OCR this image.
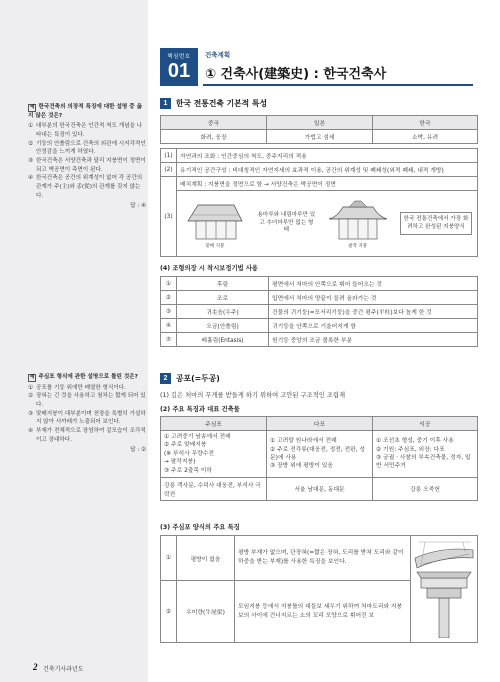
예 한국건축의 의장적 특징에 대한 설명 중 옳지 않은 것은?
① 대부분의 한국건축은 인간적 척도 개념을 나타내는 특징이 있다.
② 기둥의 안쏠림으로 건축의 외관에 시지각적인 안정감을 느끼게 하였다.
③ 한국건축은 서양건축과 달리 지붕면이 정면이 되고 벽공면이 측면이 된다.
④ 한국건축은 공간의 위계성이 없어 각 공간의 관계가 주(主)와 종(從)의 관계를 갖지 않는다.
답 : ④
예 주심포 형식에 관한 설명으로 틀린 것은?
① 공포를 기둥 위에만 배열한 형식이다.
② 장혀는 긴 것을 사용하고 첨차는 짧게 되어 있다.
③ 맞배지붕이 대부분이며 천장을 특별히 가설하지 않아 서까래가 노출되어 보인다.
④ 부재가 전체적으로 장엄하여 겉모습이 조각적이고 장대하다.
답 : ②
핵심번호
01
건축계획
① 건축사(建築史) : 한국건축사
1	한국 전통건축 기본적 특성
중국	일본	한국
화려, 웅장	가법고 섬세	소박, 유려
(1)	자연과의 조화 : 인간중심의 척도, 중주지리의 적용
(2)	유기적인 공간구성 : 비대칭적인 자연지세의 효과적 이용, 공간의 위계성 및 폐쇄성(외적 폐쇄, 내적 개방)
(3)	배치계획 : 지붕면을 정면으로 함 → 서양건축은 박공면이 정면

	맞배 지붕
용마루와 내림마루만 있고 추녀마루만 없는 형태
팔작 지붕
한국 전통건축에서 가장 화려하고 완성된 지붕양식
(4) 조형의장 시 착시보정기법 사용
①	후림	평면에서 처마의 안쪽으로 휘어 들어오는 것
②	조로	입면에서 처마의 양끝이 들려 올라가는 것
③	귀솟음(우주)	건물의 귀기둥(=모서리기둥)을 중간 평주(平柱)보다 높게 한 것
④	오금(안쏠림)	귀기둥을 안쪽으로 기울어지게 함
⑤	배흘림(Entasis)	원기둥 중앙의 조금 볼록한 부분
2	공포(=두공)
(1) 깊은 처마의 무게를 받들게 하기 위하여 고안된 구조적인 조립재
(2) 주요 특징과 대표 건축물
주심포	다포	익공
① 고려중기 남송에서 전래
② 주로 맞배지붕
(※ 부석사 무량수전
→ 팔작지붕)
③ 주로 2출목 이하	① 고려말 원나라에서 전래
② 주로 전각류(대웅전, 정전, 전판, 성문)에 사용
③ 장방 위에 평방이 있음	① 조선초 형성, 중기 이후 사용
② 기원: 주심포, 외장: 다포
③ 궁궐 · 사찰의 부속건축물, 정자, 일반 서민주거
강릉 객사문, 수덕사 대웅전, 부석사 극락전	서울 남대문, 동대문	강릉 오죽헌
(3) 주심포 양식의 주요 특징
①	평방이 없음	평방 부재가 없으며, 단장혀(=짧은 장혀, 도리를 받쳐 도리와 같이 하중을 받는 부재)를 사용한 특징을 보인다.	
②	우미량(牛尾梁)	모임지붕 등에서 지붕틀의 대들보 세우기 위하여 처마도리와 지붕보의 사이에 건너지르는 소의 꼬리 모양으로 휘어진 보	
2 건축기사과년도
